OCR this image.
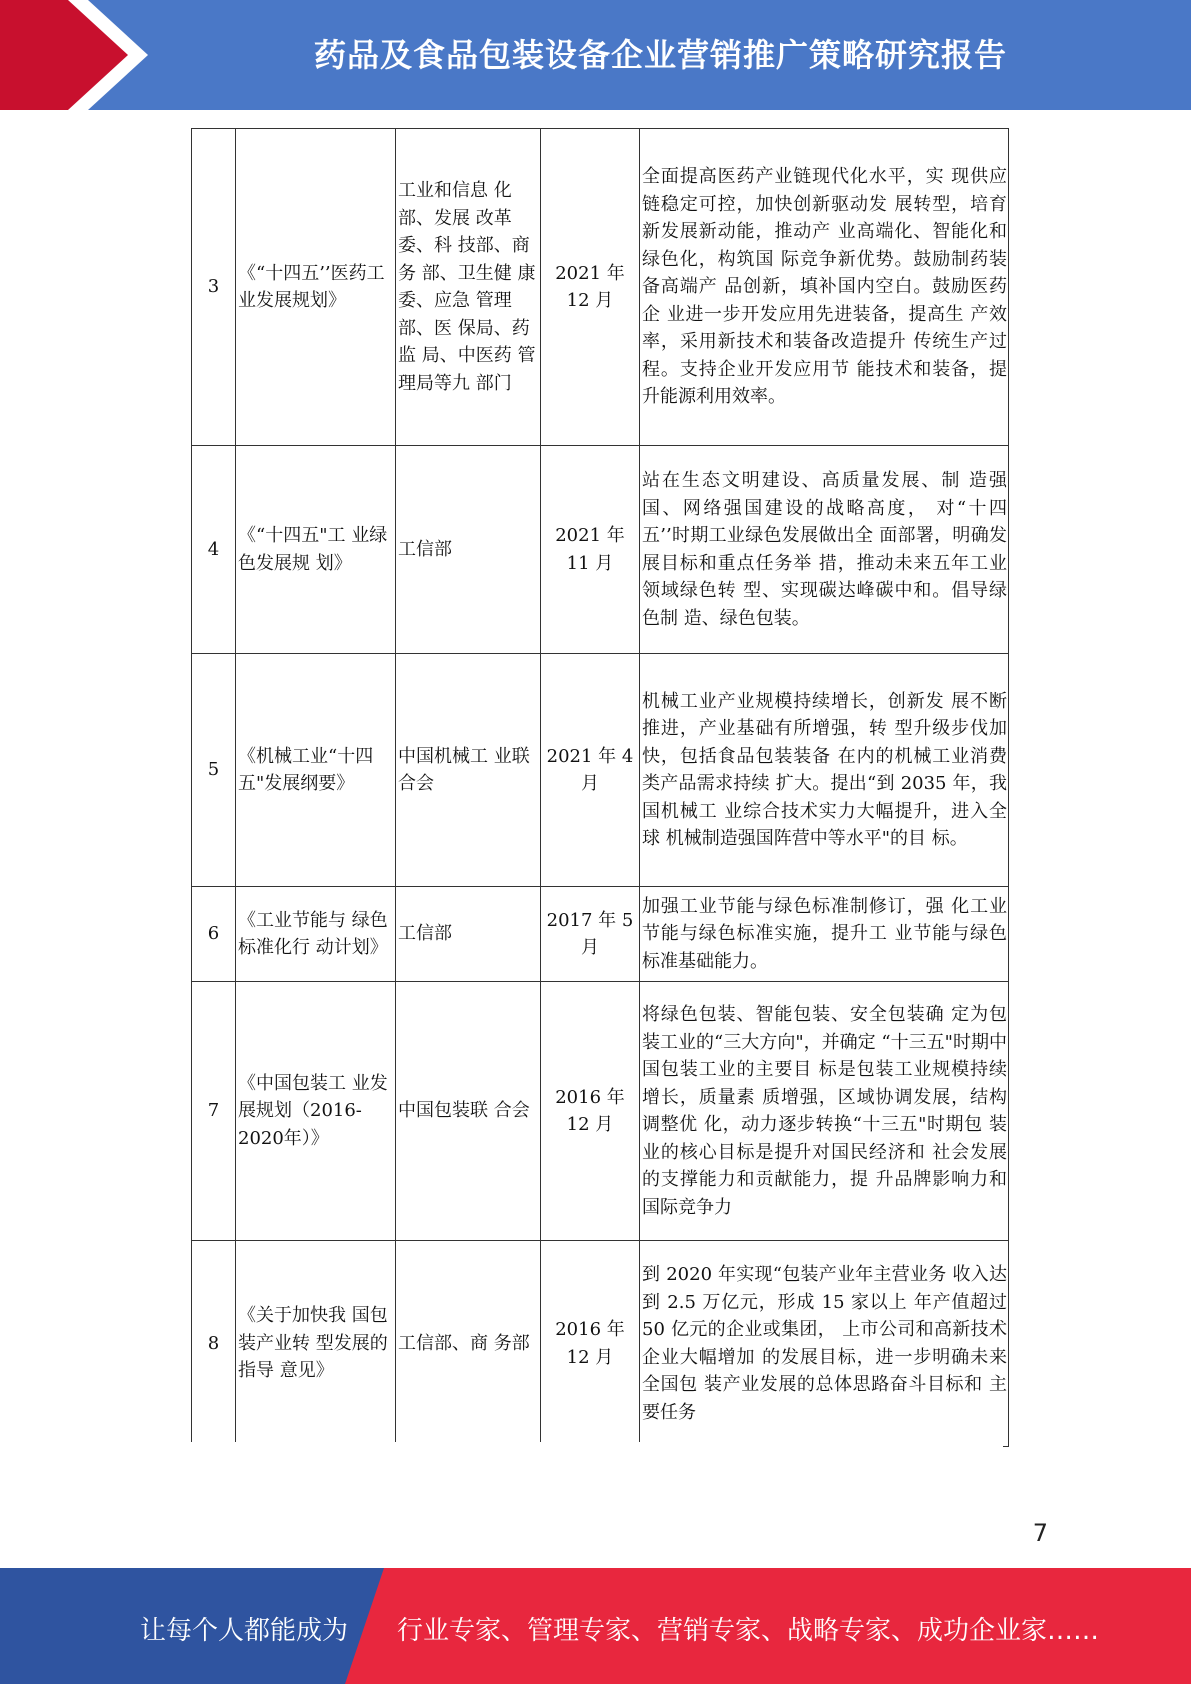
药品及食品包装设备企业营销推广策略研究报告
3	《“十四五’’医药工业发展规划》	工业和信息 化部、发展 改革委、科 技部、商务 部、卫生健 康委、应急 管理部、医 保局、药监 局、中医药 管理局等九 部门	2021 年 12 月	全面提高医药产业链现代化水平，实 现供应链稳定可控，加快创新驱动发 展转型，培育新发展新动能，推动产 业高端化、智能化和绿色化，构筑国 际竞争新优势。鼓励制药装备高端产 品创新，填补国内空白。鼓励医药企 业进一步开发应用先进装备，提高生 产效率，采用新技术和装备改造提升 传统生产过程。支持企业开发应用节 能技术和装备，提升能源利用效率。
4	《“十四五"工 业绿色发展规 划》	工信部	2021 年 11 月	站在生态文明建设、高质量发展、制 造强国、网络强国建设的战略高度， 对“十四五’’时期工业绿色发展做出全 面部署，明确发展目标和重点任务举 措，推动未来五年工业领域绿色转 型、实现碳达峰碳中和。倡导绿色制 造、绿色包装。
5	《机械工业“十四五"发展纲要》	中国机械工 业联合会	2021 年 4 月	机械工业产业规模持续增长，创新发 展不断推进，产业基础有所增强，转 型升级步伐加快，包括食品包装装备 在内的机械工业消费类产品需求持续 扩大。提出“到 2035 年，我国机械工 业综合技术实力大幅提升，进入全球 机械制造强国阵营中等水平"的目 标。
6	《工业节能与 绿色标准化行 动计划》	工信部	2017 年 5 月	加强工业节能与绿色标准制修订，强 化工业节能与绿色标准实施，提升工 业节能与绿色标准基础能力。
7	《中国包装工 业发展规划（2016-2020年）》	中国包装联 合会	2016 年 12 月	将绿色包装、智能包装、安全包装确 定为包装工业的“三大方向"，并确定 “十三五"时期中国包装工业的主要目 标是包装工业规模持续增长，质量素 质增强，区域协调发展，结构调整优 化，动力逐步转换“十三五"时期包 装业的核心目标是提升对国民经济和 社会发展的支撑能力和贡献能力，提 升品牌影响力和国际竞争力
8	《关于加快我 国包装产业转 型发展的指导 意见》	工信部、商 务部	2016 年 12 月	到 2020 年实现“包装产业年主营业务 收入达到 2.5 万亿元，形成 15 家以上 年产值超过 50 亿元的企业或集团， 上市公司和高新技术企业大幅增加 的发展目标，进一步明确未来全国包 装产业发展的总体思路奋斗目标和 主要任务
7
让每个人都能成为 行业专家、管理专家、营销专家、战略专家、成功企业家……
